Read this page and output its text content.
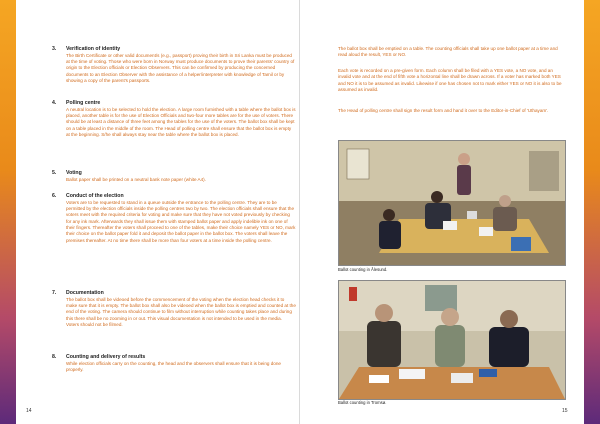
3. Verification of identity
The Birth Certificate or other valid document/s (e.g., passport) proving their birth in Sri Lanka must be produced at the time of voting. Those who were born in Norway must produce documents to prove their parents' country of origin to the Election officials or Election Observers. This can be confirmed by producing the concerned documents to an Election Observer with the assistance of a helper/interpreter with knowledge of Tamil or by showing a copy of the parent's passports.
4. Polling centre
A neutral location is to be selected to hold the election. A large room furnished with a table where the ballot box is placed, another table is for the use of Election Officials and two-four more tables are for the use of voters. There should be at least a distance of three feet among the tables for the use of the voters. The ballot box shall be kept on a table placed in the middle of the room. The Head of polling centre shall ensure that the ballot box is empty at the beginning. S/he shall always stay near the table where the ballot box is placed.
5. Voting
Ballot paper shall be printed on a neutral bank note paper (white A4).
6. Conduct of the election
Voters are to be requested to stand in a queue outside the entrance to the polling centre. They are to be permitted by the election officials inside the polling centres two by two. The election officials shall ensure that the voters meet with the required criteria for voting and make sure that they have not voted previously by checking for any ink mark. Afterwards they shall issue them with stamped ballot paper and apply indelible ink on one of their fingers. Thereafter the voters shall proceed to one of the tables, make their choice namely YES or NO, mark their choice on the ballot paper fold it and deposit the ballot paper in the ballot box. The voters shall leave the premises thereafter. At no time there shall be more than four voters at a time inside the polling centre.
7. Documentation
The ballot box shall be videoed before the commencement of the voting when the election head checks it to make sure that it is empty. The ballot box shall also be videoed when the ballot box is emptied and counted at the end of the voting. The camera should continue to film without interruption while counting takes place and during this there shall be no zooming in or out. This visual documentation is not intended to be used in the media. Voters should not be filmed.
8. Counting and delivery of results
While election officials carry on the counting, the head and the observers shall ensure that it is being done properly.
14
The ballot box shall be emptied on a table. The counting officials shall take up one ballot paper at a time and read aloud the result, YES or NO.
Each vote is recorded on a pre-given form. Each column shall be filed with a YES vote, a NO vote, and an invalid vote and at the end of fifth vote a horizontal line shall be drawn across. If a voter has marked both YES and NO it is to be assumed as invalid. Likewise if one has chosen not to mark either YES or NO it is also to be assumed as invalid.
The Head of polling centre shall sign the result form and hand it over to the Editor-in-Chief of 'Uthayam'.
Ballot counting in Ålesund.
Ballot counting in Tromsø.
15
